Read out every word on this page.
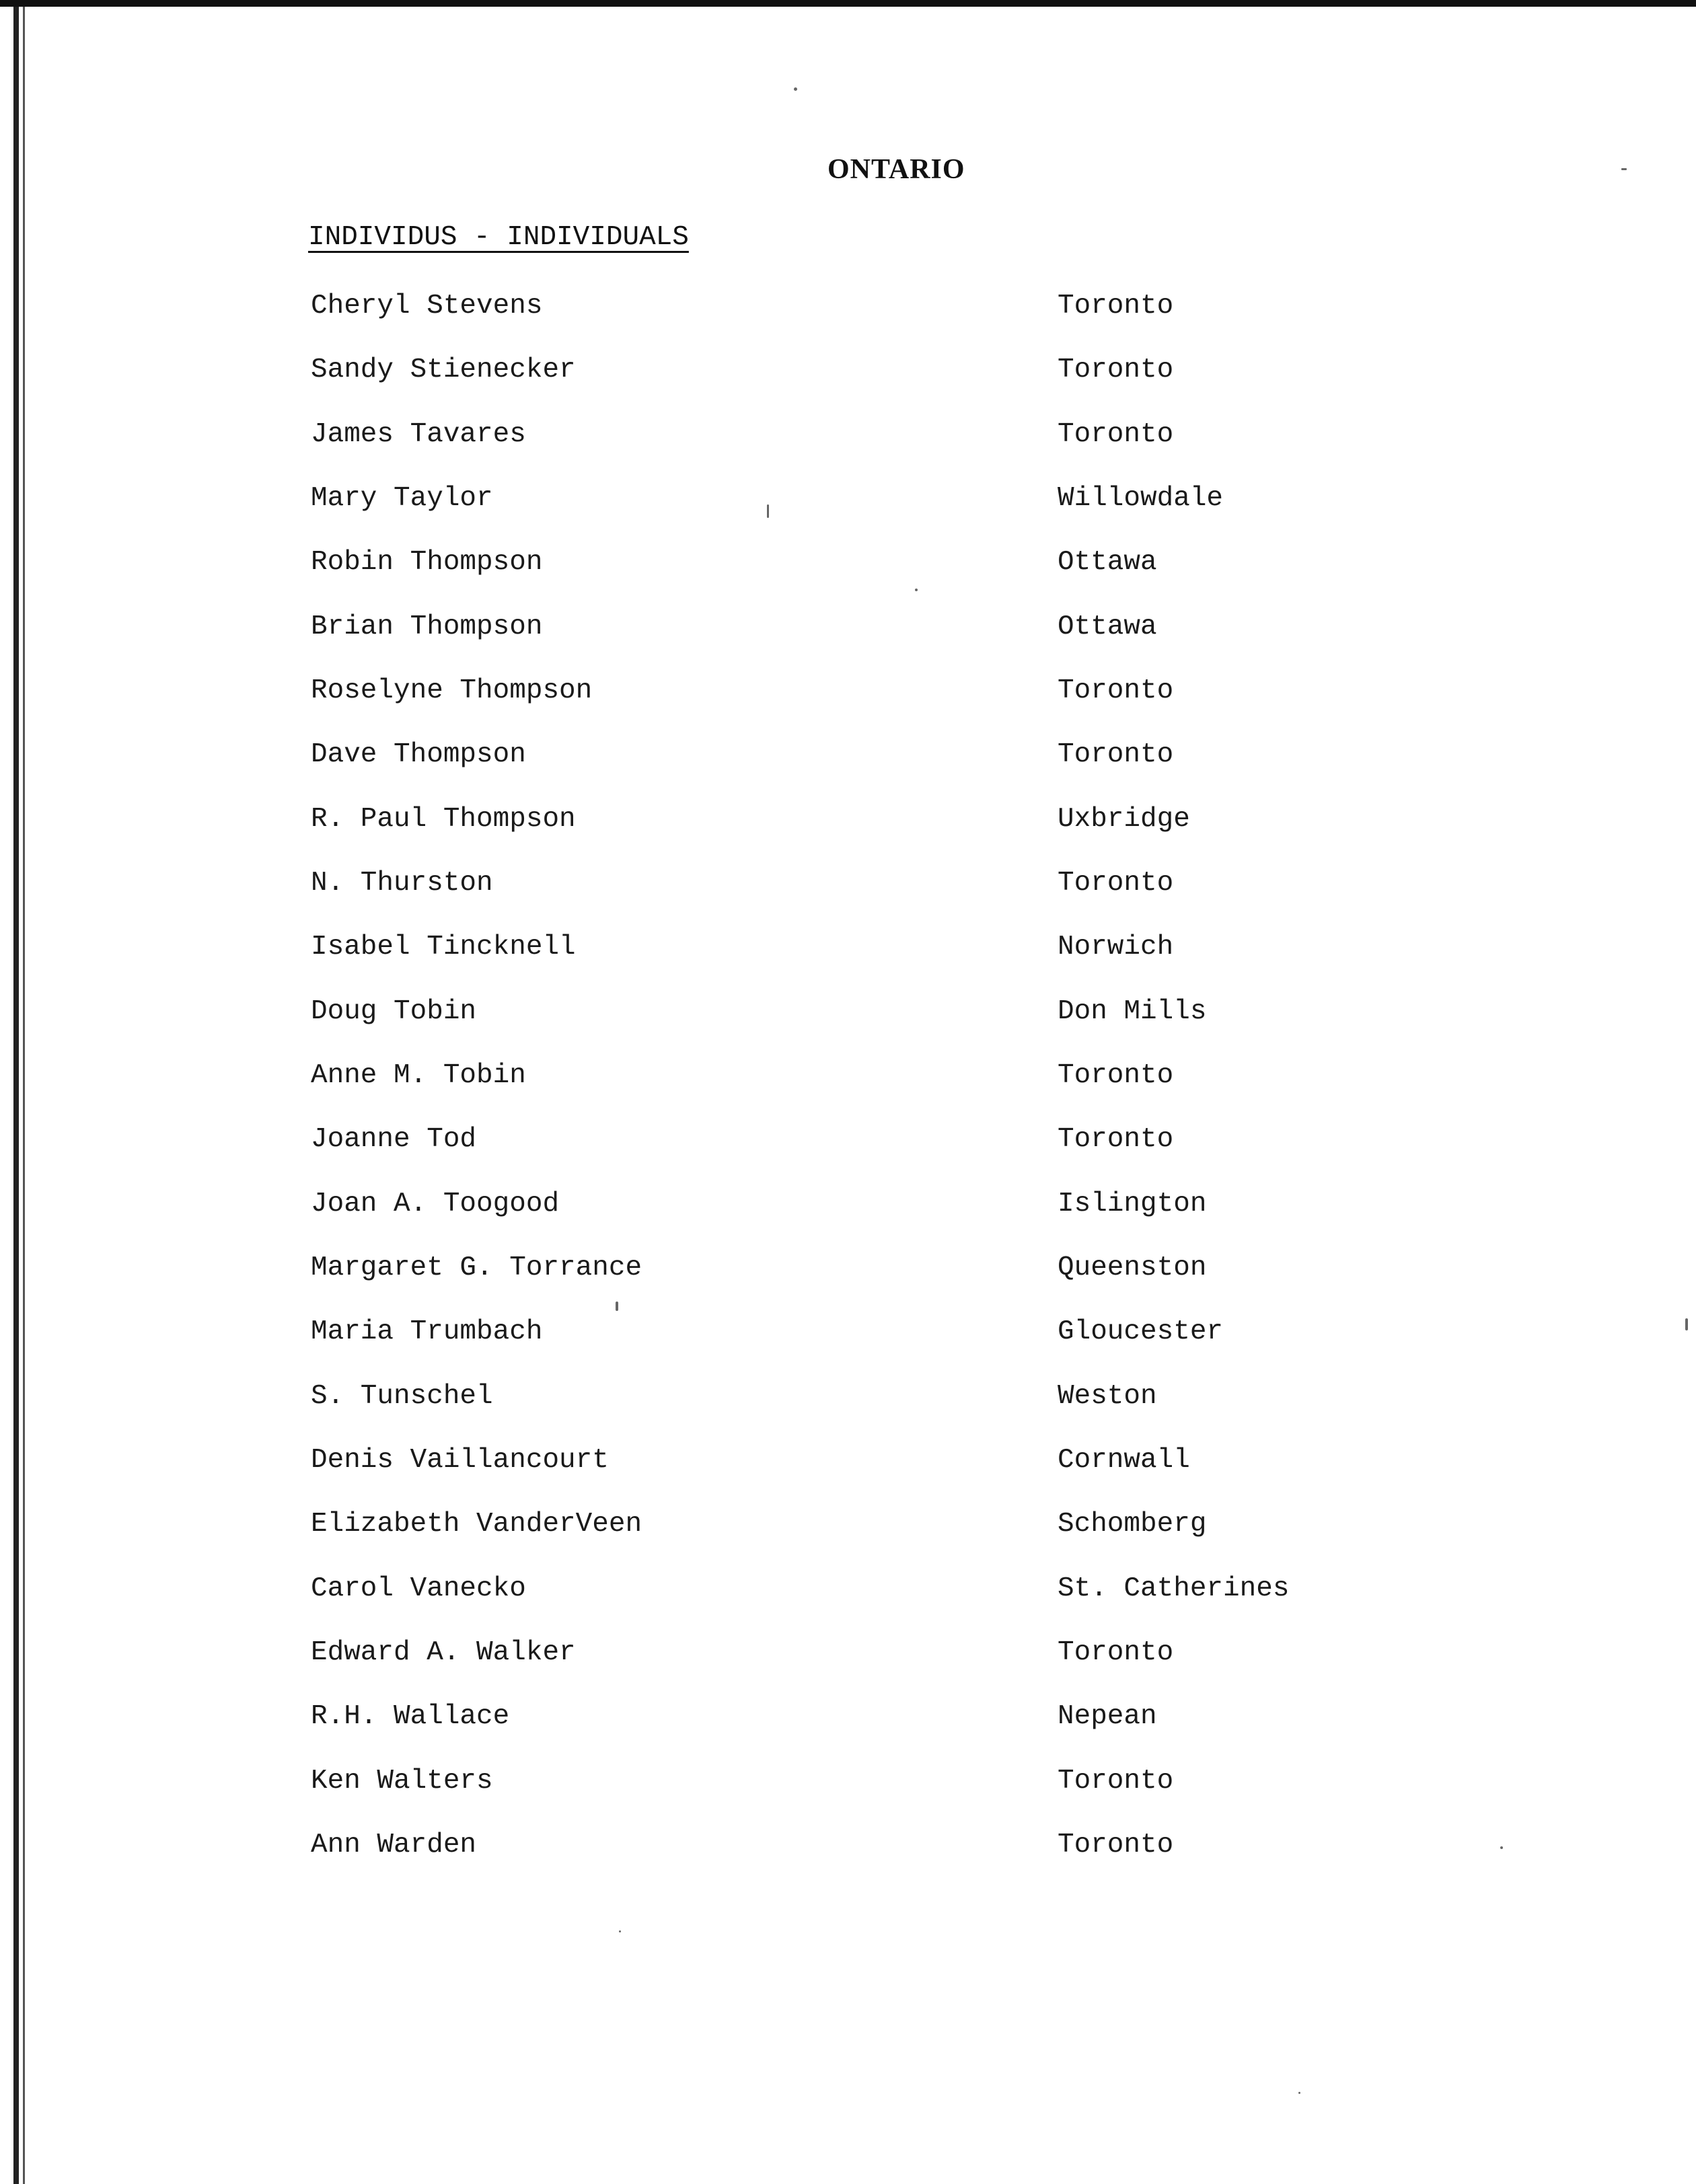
ONTARIO
INDIVIDUS - INDIVIDUALS
Cheryl Stevens	Toronto
Sandy Stienecker	Toronto
James Tavares	Toronto
Mary Taylor	Willowdale
Robin Thompson	Ottawa
Brian Thompson	Ottawa
Roselyne Thompson	Toronto
Dave Thompson	Toronto
R. Paul Thompson	Uxbridge
N. Thurston	Toronto
Isabel Tincknell	Norwich
Doug Tobin	Don Mills
Anne M. Tobin	Toronto
Joanne Tod	Toronto
Joan A. Toogood	Islington
Margaret G. Torrance	Queenston
Maria Trumbach	Gloucester
S. Tunschel	Weston
Denis Vaillancourt	Cornwall
Elizabeth VanderVeen	Schomberg
Carol Vanecko	St. Catherines
Edward A. Walker	Toronto
R.H. Wallace	Nepean
Ken Walters	Toronto
Ann Warden	Toronto
